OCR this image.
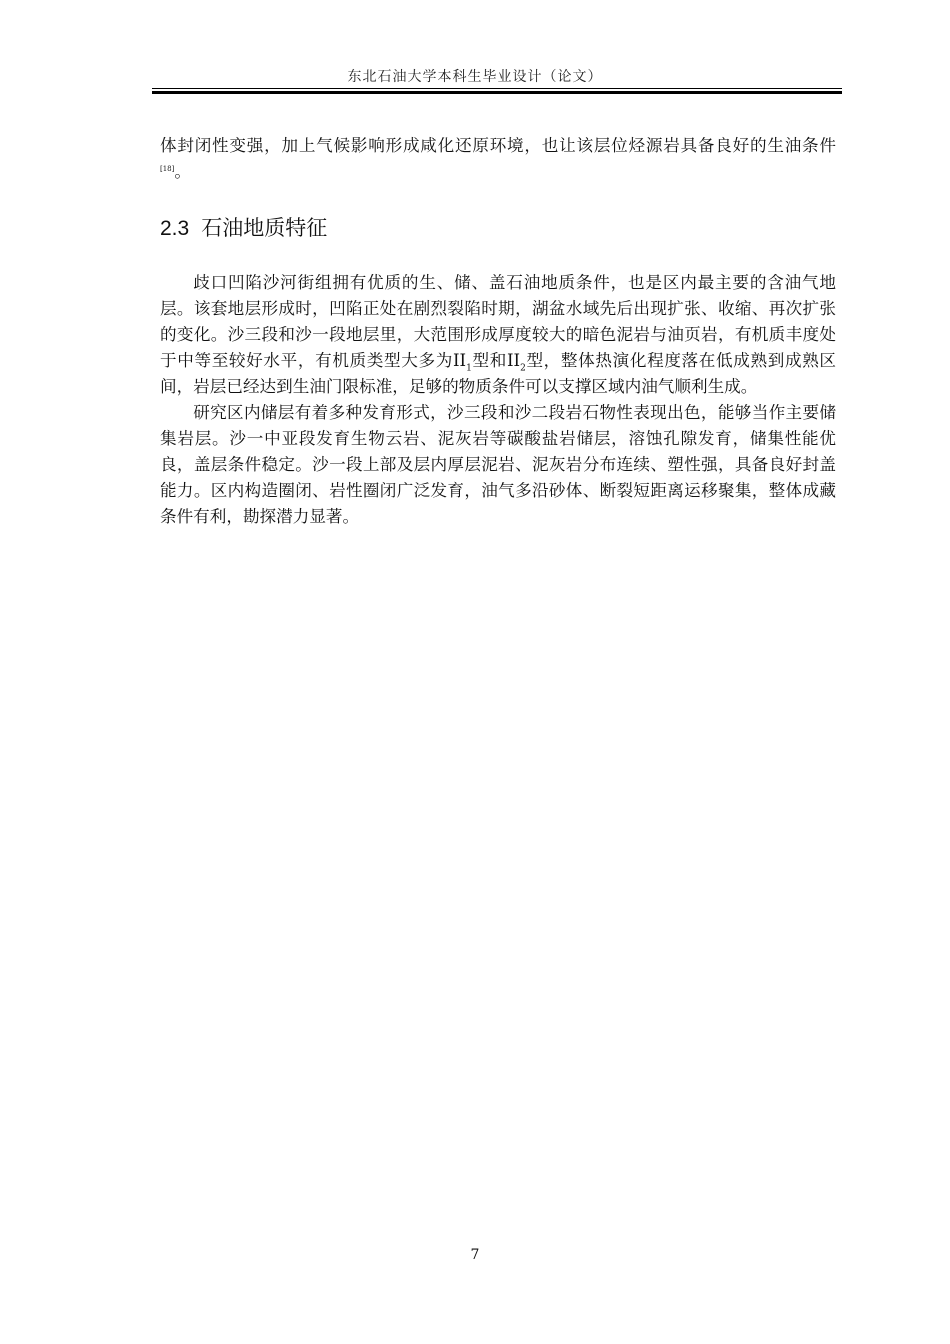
东北石油大学本科生毕业设计（论文）

体封闭性变强，加上气候影响形成咸化还原环境，也让该层位烃源岩具备良好的生油条件[18]。

2.3 石油地质特征

歧口凹陷沙河街组拥有优质的生、储、盖石油地质条件，也是区内最主要的含油气地层。该套地层形成时，凹陷正处在剧烈裂陷时期，湖盆水域先后出现扩张、收缩、再次扩张的变化。沙三段和沙一段地层里，大范围形成厚度较大的暗色泥岩与油页岩，有机质丰度处于中等至较好水平，有机质类型大多为$II_1$型和$II_2$型，整体热演化程度落在低成熟到成熟区间，岩层已经达到生油门限标准，足够的物质条件可以支撑区域内油气顺利生成。

研究区内储层有着多种发育形式，沙三段和沙二段岩石物性表现出色，能够当作主要储集岩层。沙一中亚段发育生物云岩、泥灰岩等碳酸盐岩储层，溶蚀孔隙发育，储集性能优良，盖层条件稳定。沙一段上部及层内厚层泥岩、泥灰岩分布连续、塑性强，具备良好封盖能力。区内构造圈闭、岩性圈闭广泛发育，油气多沿砂体、断裂短距离运移聚集，整体成藏条件有利，勘探潜力显著。

7
